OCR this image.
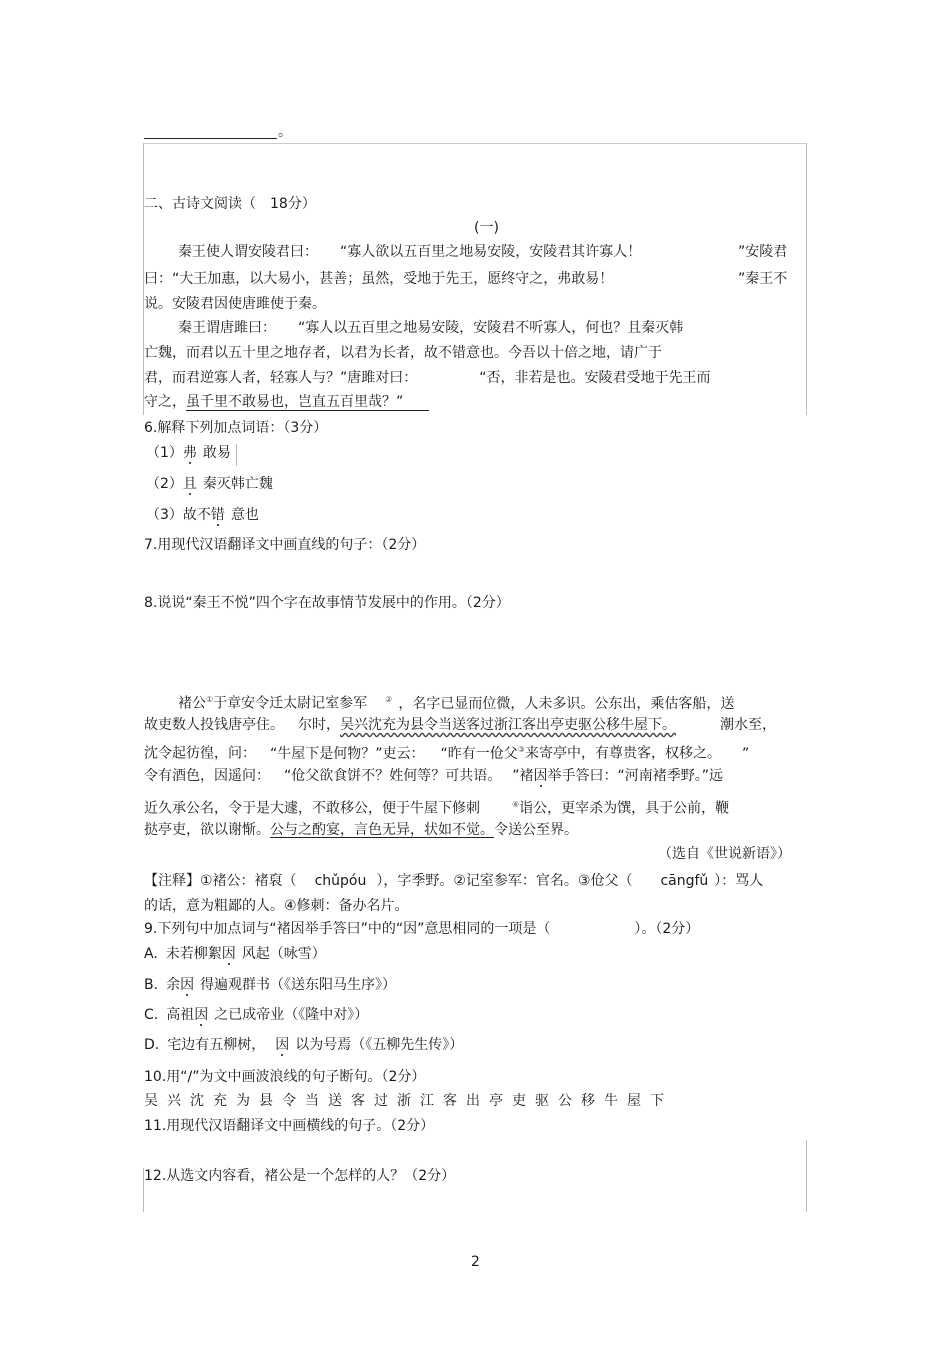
。
二、古诗文阅读（ 18分）
(一)
秦王使人谓安陵君曰： “寡人欲以五百里之地易安陵，安陵君其许寡人！	”安陵君
曰：“大王加惠，以大易小，甚善；虽然，受地于先王，愿终守之，弗敢易！	”秦王不
说。安陵君因使唐雎使于秦。
秦王谓唐雎曰： “寡人以五百里之地易安陵，安陵君不听寡人，何也？且秦灭韩
亡魏，而君以五十里之地存者，以君为长者，故不错意也。今吾以十倍之地，请广于
君，而君逆寡人者，轻寡人与？”唐雎对曰：	“否，非若是也。安陵君受地于先王而
守之，虽千里不敢易也，岂直五百里哉？”
6.解释下列加点词语：（3分）
（1）弗 敢易
（2）且 秦灭韩亡魏
（3）故不错 意也
7.用现代汉语翻译文中画直线的句子：（2分）
8.说说“秦王不悦”四个字在故事情节发展中的作用。（2分）
褚公①于章安令迁太尉记室参军 ② ，名字已显而位微，人未多识。公东出，乘估客船，送
故吏数人投钱唐亭住。 尔时，吴兴沈充为县令当送客过浙江客出亭吏驱公移牛屋下。	潮水至，
沈令起彷徨，问： “牛屋下是何物？”吏云： “昨有一伧父③来寄亭中，有尊贵客，权移之。 ”
令有酒色，因遥问： “伧父欲食饼不？姓何等？可共语。 ”褚因举手答曰：“河南褚季野。”远
近久承公名，令于是大遽，不敢移公，便于牛屋下修刺	④诣公，更宰杀为馔，具于公前，鞭
挞亭吏，欲以谢惭。公与之酌宴，言色无异，状如不觉。令送公至界。
（选自《世说新语》）
【注释】①褚公：褚裒（ chǔpóu ），字季野。②记室参军：官名。③伧父（ cāngfǔ ）：骂人
的话，意为粗鄙的人。④修刺：备办名片。
9.下列句中加点词与“褚因举手答曰”中的“因”意思相同的一项是（	）。（2分）
A. 未若柳絮因 风起（咏雪）
B. 余因 得遍观群书（《送东阳马生序》）
C. 高祖因 之已成帝业（《隆中对》）
D. 宅边有五柳树， 因 以为号焉（《五柳先生传》）
10.用“/”为文中画波浪线的句子断句。（2分）
吴兴沈充为县令当送客过浙江客出亭吏驱公移牛屋下
11.用现代汉语翻译文中画横线的句子。（2分）
12.从选文内容看，褚公是一个怎样的人？（2分）
2
